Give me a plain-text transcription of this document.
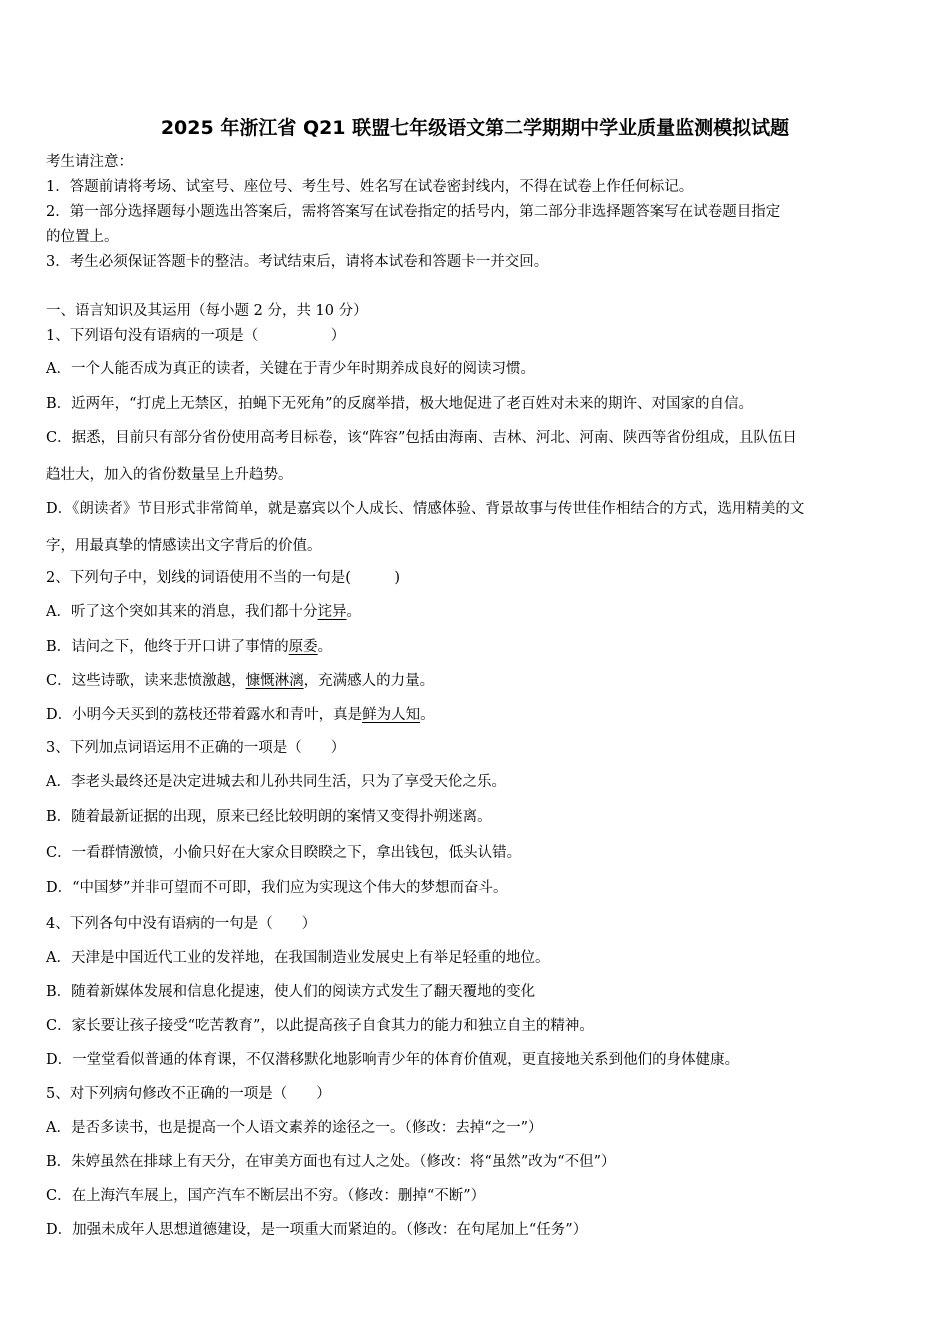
2025 年浙江省 Q21 联盟七年级语文第二学期期中学业质量监测模拟试题
考生请注意：
1．答题前请将考场、试室号、座位号、考生号、姓名写在试卷密封线内，不得在试卷上作任何标记。
2．第一部分选择题每小题选出答案后，需将答案写在试卷指定的括号内，第二部分非选择题答案写在试卷题目指定
的位置上。
3．考生必须保证答题卡的整洁。考试结束后，请将本试卷和答题卡一并交回。
一、语言知识及其运用（每小题 2 分，共 10 分）
1、下列语句没有语病的一项是（　　　　　）
A．一个人能否成为真正的读者，关键在于青少年时期养成良好的阅读习惯。
B．近两年，“打虎上无禁区，拍蝇下无死角”的反腐举措，极大地促进了老百姓对未来的期许、对国家的自信。
C．据悉，目前只有部分省份使用高考目标卷，该“阵容”包括由海南、吉林、河北、河南、陕西等省份组成，且队伍日
趋壮大，加入的省份数量呈上升趋势。
D．《朗读者》节目形式非常简单，就是嘉宾以个人成长、情感体验、背景故事与传世佳作相结合的方式，选用精美的文
字，用最真挚的情感读出文字背后的价值。
2、下列句子中，划线的词语使用不当的一句是(　　　)
A．听了这个突如其来的消息，我们都十分诧异。
B．诘问之下，他终于开口讲了事情的原委。
C．这些诗歌，读来悲愤激越，慷慨淋漓，充满感人的力量。
D．小明今天买到的荔枝还带着露水和青叶，真是鲜为人知。
3、下列加点词语运用不正确的一项是（　　）
A．李老头最终还是决定进城去和儿孙共同生活，只为了享受天伦之乐。
B．随着最新证据的出现，原来已经比较明朗的案情又变得扑朔迷离。
C．一看群情激愤，小偷只好在大家众目睽睽之下，拿出钱包，低头认错。
D．“中国梦”并非可望而不可即，我们应为实现这个伟大的梦想而奋斗。
4、下列各句中没有语病的一句是（　　）
A．天津是中国近代工业的发祥地，在我国制造业发展史上有举足轻重的地位。
B．随着新媒体发展和信息化提速，使人们的阅读方式发生了翻天覆地的变化
C．家长要让孩子接受“吃苦教育”，以此提高孩子自食其力的能力和独立自主的精神。
D．一堂堂看似普通的体育课，不仅潜移默化地影响青少年的体育价值观，更直接地关系到他们的身体健康。
5、对下列病句修改不正确的一项是（　　）
A．是否多读书，也是提高一个人语文素养的途径之一。（修改：去掉“之一”）
B．朱婷虽然在排球上有天分，在审美方面也有过人之处。（修改：将“虽然”改为“不但”）
C．在上海汽车展上，国产汽车不断层出不穷。（修改：删掉“不断”）
D．加强未成年人思想道德建设，是一项重大而紧迫的。（修改：在句尾加上“任务”）
